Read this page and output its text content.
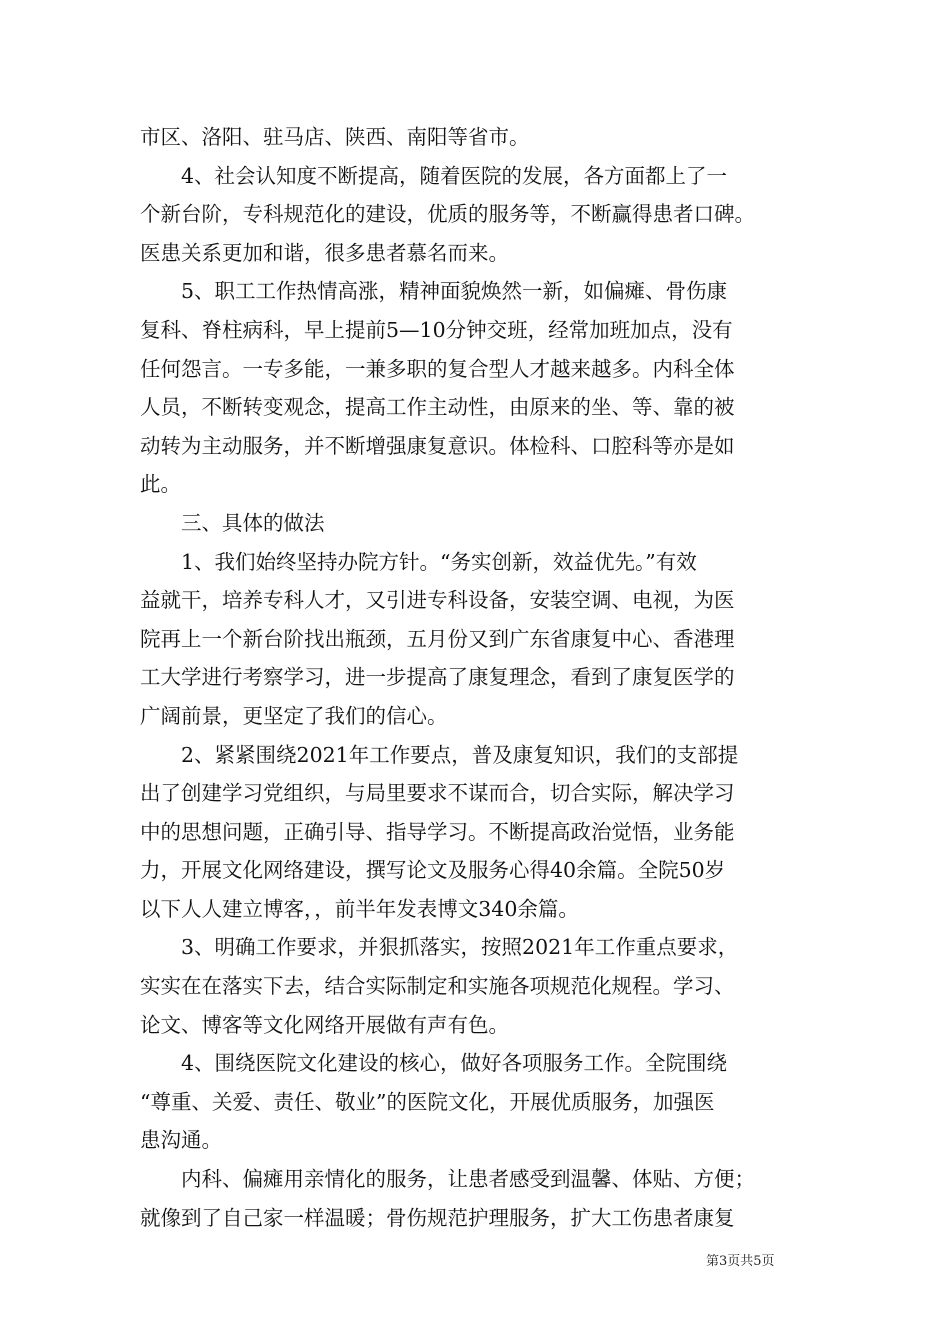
市区、洛阳、驻马店、陕西、南阳等省市。
　　4、社会认知度不断提高，随着医院的发展，各方面都上了一
个新台阶，专科规范化的建设，优质的服务等，不断赢得患者口碑。
医患关系更加和谐，很多患者慕名而来。
　　5、职工工作热情高涨，精神面貌焕然一新，如偏瘫、骨伤康
复科、脊柱病科，早上提前5—10分钟交班，经常加班加点，没有
任何怨言。一专多能，一兼多职的复合型人才越来越多。内科全体
人员，不断转变观念，提高工作主动性，由原来的坐、等、靠的被
动转为主动服务，并不断增强康复意识。体检科、口腔科等亦是如
此。
　　三、具体的做法
　　1、我们始终坚持办院方针。“务实创新，效益优先。”有效
益就干，培养专科人才，又引进专科设备，安装空调、电视，为医
院再上一个新台阶找出瓶颈，五月份又到广东省康复中心、香港理
工大学进行考察学习，进一步提高了康复理念，看到了康复医学的
广阔前景，更坚定了我们的信心。
　　2、紧紧围绕2021年工作要点，普及康复知识，我们的支部提
出了创建学习党组织，与局里要求不谋而合，切合实际，解决学习
中的思想问题，正确引导、指导学习。不断提高政治觉悟，业务能
力，开展文化网络建设，撰写论文及服务心得40余篇。全院50岁
以下人人建立博客，，前半年发表博文340余篇。
　　3、明确工作要求，并狠抓落实，按照2021年工作重点要求，
实实在在落实下去，结合实际制定和实施各项规范化规程。学习、
论文、博客等文化网络开展做有声有色。
　　4、围绕医院文化建设的核心，做好各项服务工作。全院围绕
“尊重、关爱、责任、敬业”的医院文化，开展优质服务，加强医
患沟通。
　　内科、偏瘫用亲情化的服务，让患者感受到温馨、体贴、方便；
就像到了自己家一样温暖；骨伤规范护理服务，扩大工伤患者康复
第3页共5页
